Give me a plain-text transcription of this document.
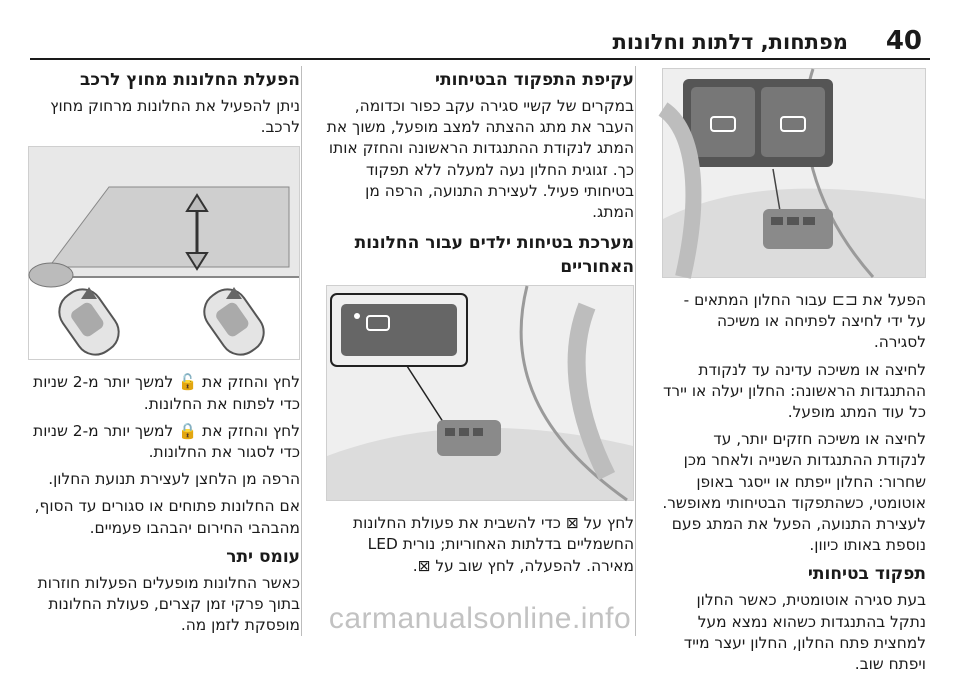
40
מפתחות, דלתות וחלונות

הפעל את ⊏⊐ עבור החלון המתאים - על ידי לחיצה לפתיחה או משיכה לסגירה.

לחיצה או משיכה עדינה עד לנקודת ההתנגדות הראשונה: החלון יעלה או יירד כל עוד המתג מופעל.

לחיצה או משיכה חזקים יותר, עד לנקודת ההתנגדות השנייה ולאחר מכן שחרור: החלון ייפתח או ייסגר באופן אוטומטי, כשהתפקוד הבטיחותי מאופשר. לעצירת התנועה, הפעל את המתג פעם נוספת באותו כיוון.

תפקוד בטיחותי

בעת סגירה אוטומטית, כאשר החלון נתקל בהתנגדות כשהוא נמצא מעל למחצית פתח החלון, החלון יעצר מייד ויפתח שוב.

עקיפת התפקוד הבטיחותי

במקרים של קשיי סגירה עקב כפור וכדומה, העבר את מתג ההצתה למצב מופעל, משוך את המתג לנקודת ההתנגדות הראשונה והחזק אותו כך. זגוגית החלון נעה למעלה ללא תפקוד בטיחותי פעיל. לעצירת התנועה, הרפה מן המתג.

מערכת בטיחות ילדים עבור החלונות האחוריים

לחץ על ⊠ כדי להשבית את פעולת החלונות החשמליים בדלתות האחוריות; נורית LED מאירה. להפעלה, לחץ שוב על ⊠.

הפעלת החלונות מחוץ לרכב

ניתן להפעיל את החלונות מרחוק מחוץ לרכב.

לחץ והחזק את 🔓 למשך יותר מ-2 שניות כדי לפתוח את החלונות.

לחץ והחזק את 🔒 למשך יותר מ-2 שניות כדי לסגור את החלונות.

הרפה מן הלחצן לעצירת תנועת החלון.

אם החלונות פתוחים או סגורים עד הסוף, מהבהבי החירום יהבהבו פעמיים.

עומס יתר

כאשר החלונות מופעלים הפעלות חוזרות בתוך פרקי זמן קצרים, פעולת החלונות מופסקת לזמן מה. carmanualsonline.info
